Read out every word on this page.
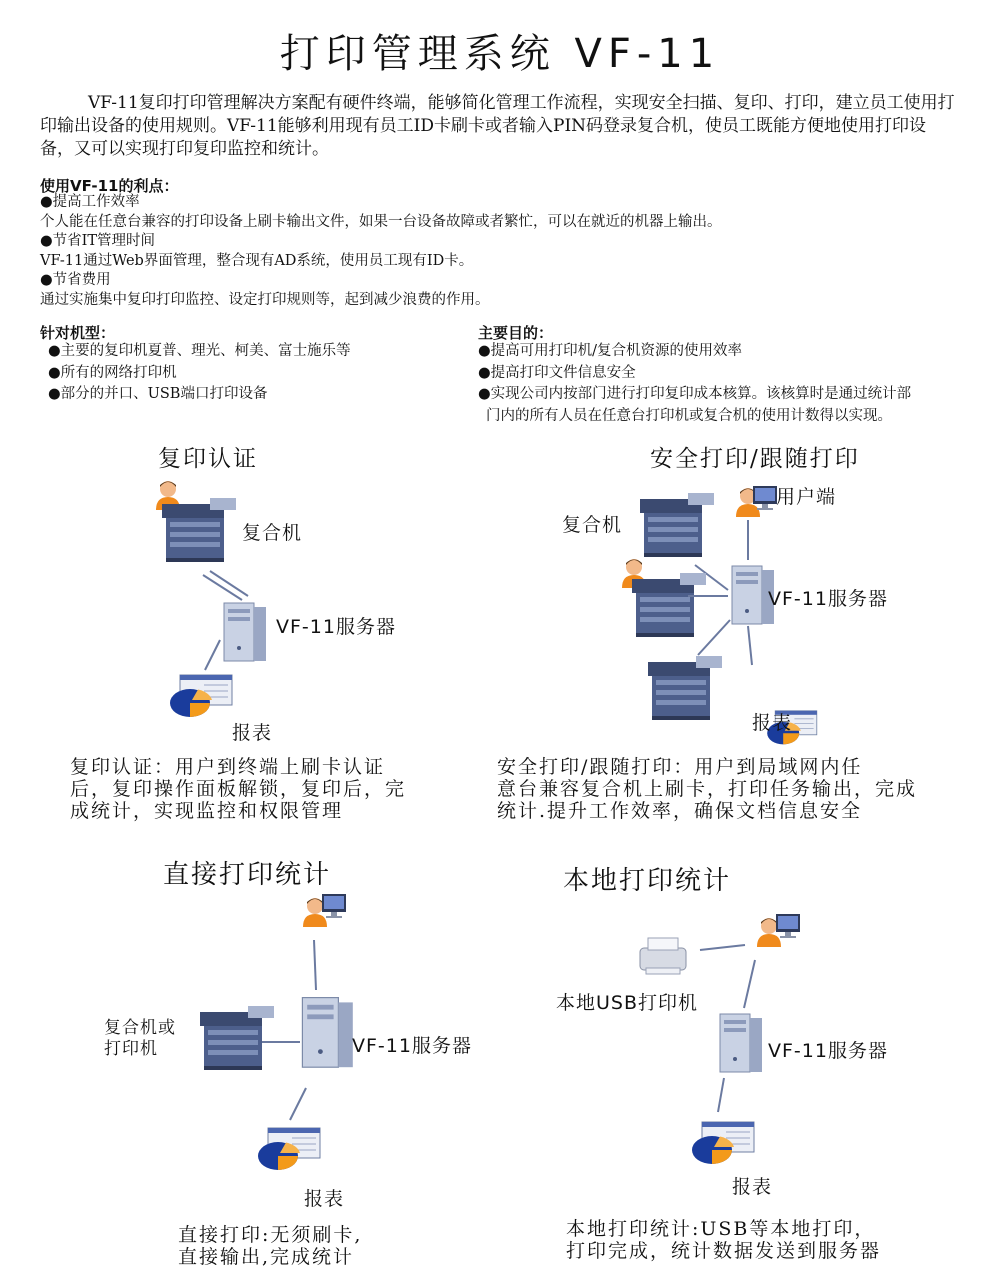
打印管理系统 VF-11
VF-11复印打印管理解决方案配有硬件终端，能够简化管理工作流程，实现安全扫描、复印、打印，建立员工使用打印输出设备的使用规则。VF-11能够利用现有员工ID卡刷卡或者输入PIN码登录复合机，使员工既能方便地使用打印设备，又可以实现打印复印监控和统计。
使用VF-11的利点：
●提高工作效率
个人能在任意台兼容的打印设备上刷卡输出文件，如果一台设备故障或者繁忙，可以在就近的机器上输出。
●节省IT管理时间
VF-11通过Web界面管理，整合现有AD系统，使用员工现有ID卡。
●节省费用
通过实施集中复印打印监控、设定打印规则等，起到减少浪费的作用。
针对机型：
●主要的复印机夏普、理光、柯美、富士施乐等
●所有的网络打印机
●部分的并口、USB端口打印设备
主要目的：
●提高可用打印机/复合机资源的使用效率
●提高打印文件信息安全
●实现公司内按部门进行打印复印成本核算。该核算时是通过统计部
门内的所有人员在任意台打印机或复合机的使用计数得以实现。
复印认证
复合机
VF-11服务器
报表
复印认证：用户到终端上刷卡认证
后，复印操作面板解锁，复印后，完
成统计，实现监控和权限管理
安全打印/跟随打印
用户端
复合机
VF-11服务器
报表
安全打印/跟随打印：用户到局域网内任
意台兼容复合机上刷卡，打印任务输出，完成
统计.提升工作效率，确保文档信息安全
直接打印统计
复合机或
打印机	VF-11服务器
报表
直接打印:无须刷卡,
直接输出,完成统计
本地打印统计
本地USB打印机
VF-11服务器
报表
本地打印统计:USB等本地打印，
打印完成，统计数据发送到服务器
